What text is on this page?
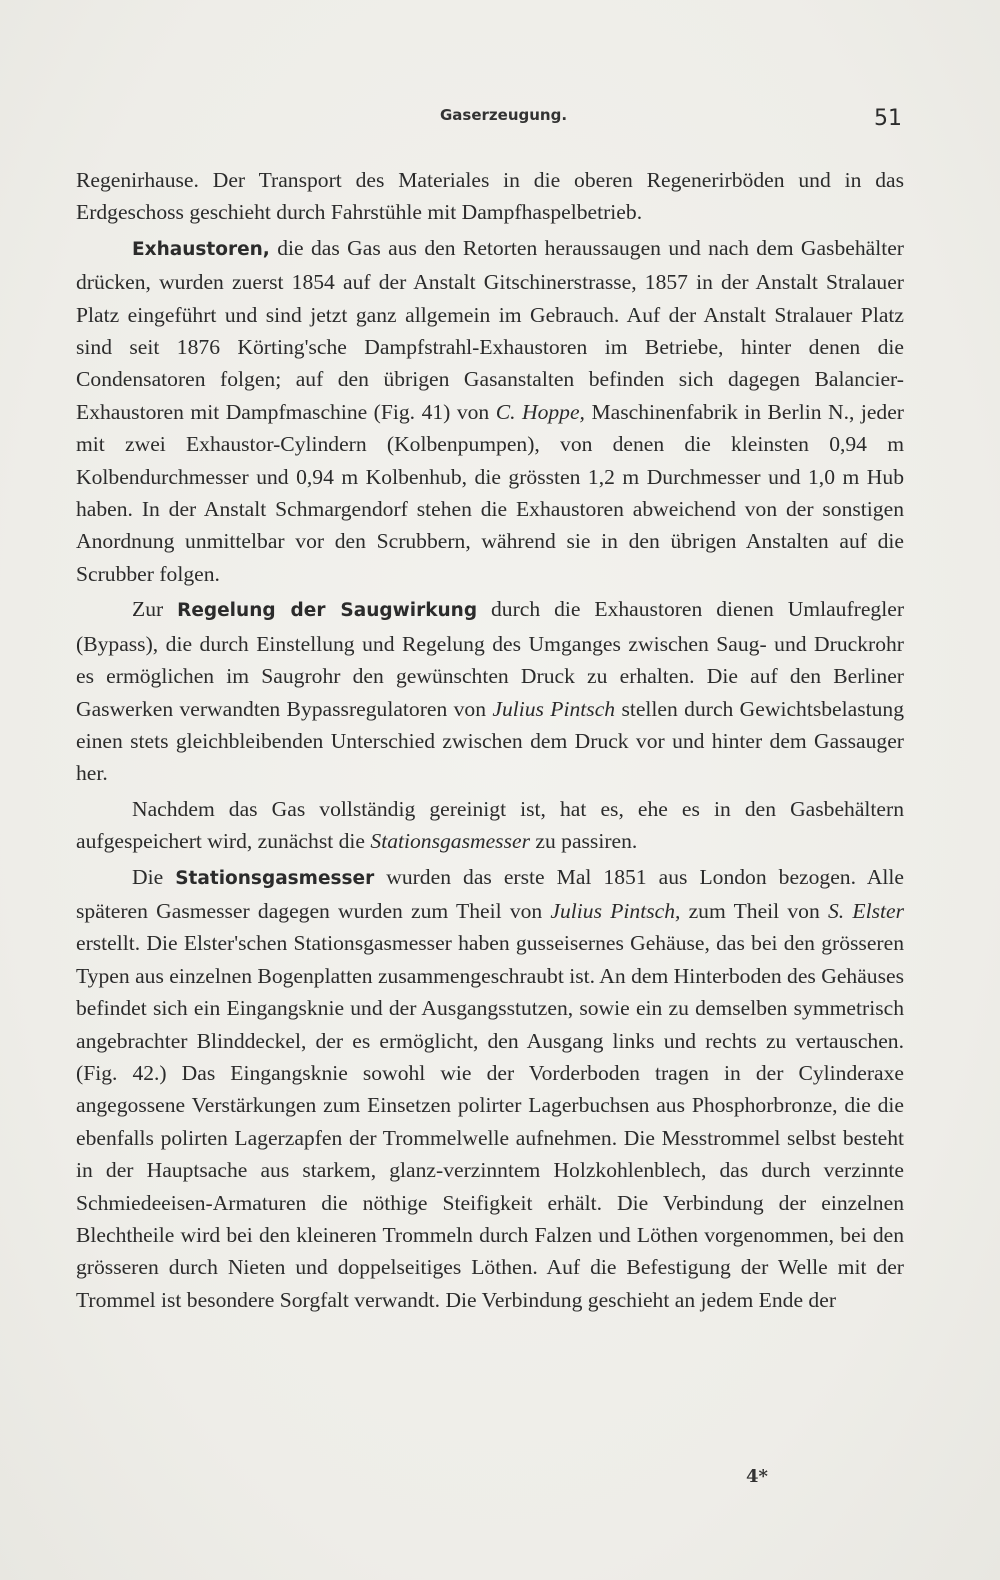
Gaserzeugung.	51

Regenirhause. Der Transport des Materiales in die oberen Regenerirböden und in das Erdgeschoss geschieht durch Fahrstühle mit Dampfhaspelbetrieb.

Exhaustoren, die das Gas aus den Retorten heraussaugen und nach dem Gasbehälter drücken, wurden zuerst 1854 auf der Anstalt Gitschinerstrasse, 1857 in der Anstalt Stralauer Platz eingeführt und sind jetzt ganz allgemein im Gebrauch. Auf der Anstalt Stralauer Platz sind seit 1876 Körting'sche Dampfstrahl-Exhaustoren im Betriebe, hinter denen die Condensatoren folgen; auf den übrigen Gasanstalten befinden sich dagegen Balancier-Exhaustoren mit Dampfmaschine (Fig. 41) von C. Hoppe, Maschinenfabrik in Berlin N., jeder mit zwei Exhaustor-Cylindern (Kolbenpumpen), von denen die kleinsten 0,94 m Kolbendurchmesser und 0,94 m Kolbenhub, die grössten 1,2 m Durchmesser und 1,0 m Hub haben. In der Anstalt Schmargendorf stehen die Exhaustoren abweichend von der sonstigen Anordnung unmittelbar vor den Scrubbern, während sie in den übrigen Anstalten auf die Scrubber folgen.

Zur Regelung der Saugwirkung durch die Exhaustoren dienen Umlaufregler (Bypass), die durch Einstellung und Regelung des Umganges zwischen Saug- und Druckrohr es ermöglichen im Saugrohr den gewünschten Druck zu erhalten. Die auf den Berliner Gaswerken verwandten Bypassregulatoren von Julius Pintsch stellen durch Gewichtsbelastung einen stets gleichbleibenden Unterschied zwischen dem Druck vor und hinter dem Gassauger her.

Nachdem das Gas vollständig gereinigt ist, hat es, ehe es in den Gasbehältern aufgespeichert wird, zunächst die Stationsgasmesser zu passiren.

Die Stationsgasmesser wurden das erste Mal 1851 aus London bezogen. Alle späteren Gasmesser dagegen wurden zum Theil von Julius Pintsch, zum Theil von S. Elster erstellt. Die Elster'schen Stationsgasmesser haben gusseisernes Gehäuse, das bei den grösseren Typen aus einzelnen Bogenplatten zusammengeschraubt ist. An dem Hinterboden des Gehäuses befindet sich ein Eingangsknie und der Ausgangsstutzen, sowie ein zu demselben symmetrisch angebrachter Blinddeckel, der es ermöglicht, den Ausgang links und rechts zu vertauschen. (Fig. 42.) Das Eingangsknie sowohl wie der Vorderboden tragen in der Cylinderaxe angegossene Verstärkungen zum Einsetzen polirter Lagerbuchsen aus Phosphorbronze, die die ebenfalls polirten Lagerzapfen der Trommelwelle aufnehmen. Die Messtrommel selbst besteht in der Hauptsache aus starkem, glanz-verzinntem Holzkohlenblech, das durch verzinnte Schmiedeeisen-Armaturen die nöthige Steifigkeit erhält. Die Verbindung der einzelnen Blechtheile wird bei den kleineren Trommeln durch Falzen und Löthen vorgenommen, bei den grösseren durch Nieten und doppelseitiges Löthen. Auf die Befestigung der Welle mit der Trommel ist besondere Sorgfalt verwandt. Die Verbindung geschieht an jedem Ende der

4*
